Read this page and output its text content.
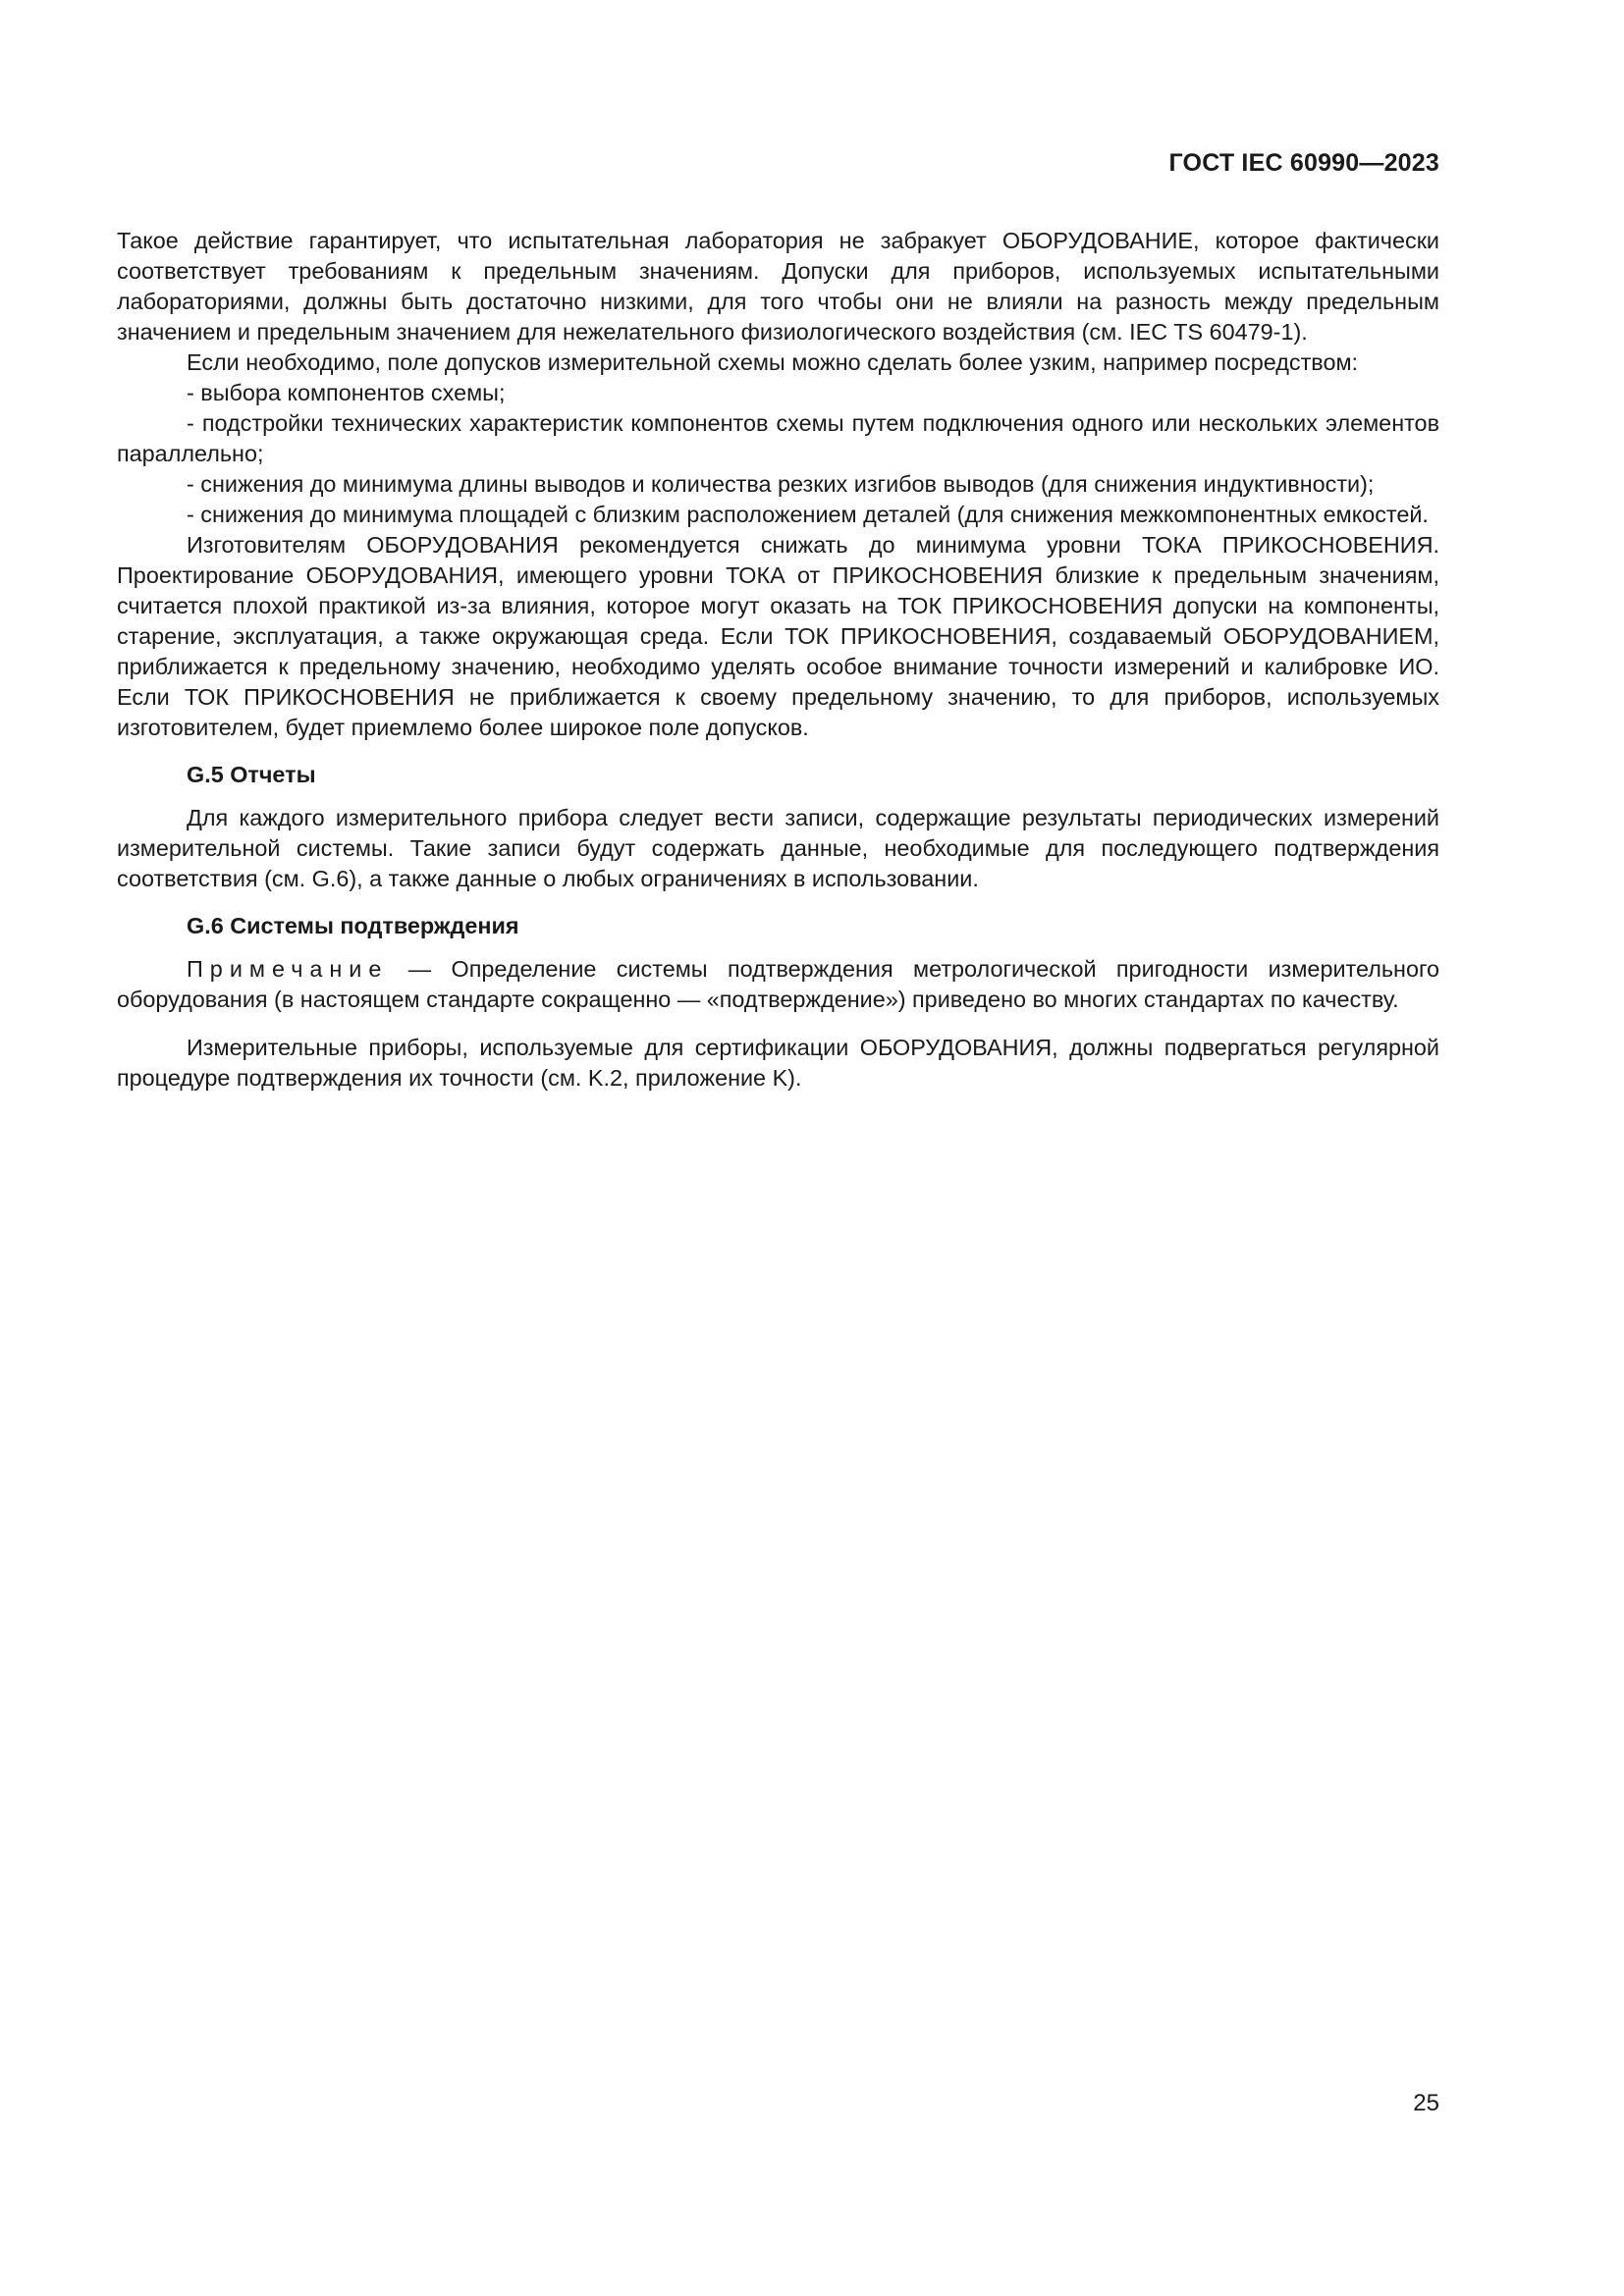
ГОСТ IEC 60990—2023

Такое действие гарантирует, что испытательная лаборатория не забракует ОБОРУДОВАНИЕ, которое фактически соответствует требованиям к предельным значениям. Допуски для приборов, используемых испытательными лабораториями, должны быть достаточно низкими, для того чтобы они не влияли на разность между предельным значением и предельным значением для нежелательного физиологического воздействия (см. IEC TS 60479-1).

Если необходимо, поле допусков измерительной схемы можно сделать более узким, например посредством:

- выбора компонентов схемы;

- подстройки технических характеристик компонентов схемы путем подключения одного или нескольких элементов параллельно;

- снижения до минимума длины выводов и количества резких изгибов выводов (для снижения индуктивности);

- снижения до минимума площадей с близким расположением деталей (для снижения межкомпонентных емкостей.

Изготовителям ОБОРУДОВАНИЯ рекомендуется снижать до минимума уровни ТОКА ПРИКОСНОВЕНИЯ. Проектирование ОБОРУДОВАНИЯ, имеющего уровни ТОКА от ПРИКОСНОВЕНИЯ близкие к предельным значениям, считается плохой практикой из-за влияния, которое могут оказать на ТОК ПРИКОСНОВЕНИЯ допуски на компоненты, старение, эксплуатация, а также окружающая среда. Если ТОК ПРИКОСНОВЕНИЯ, создаваемый ОБОРУДОВАНИЕМ, приближается к предельному значению, необходимо уделять особое внимание точности измерений и калибровке ИО. Если ТОК ПРИКОСНОВЕНИЯ не приближается к своему предельному значению, то для приборов, используемых изготовителем, будет приемлемо более широкое поле допусков.

G.5 Отчеты

Для каждого измерительного прибора следует вести записи, содержащие результаты периодических измерений измерительной системы. Такие записи будут содержать данные, необходимые для последующего подтверждения соответствия (см. G.6), а также данные о любых ограничениях в использовании.

G.6 Системы подтверждения

Примечание — Определение системы подтверждения метрологической пригодности измерительного оборудования (в настоящем стандарте сокращенно — «подтверждение») приведено во многих стандартах по качеству.

Измерительные приборы, используемые для сертификации ОБОРУДОВАНИЯ, должны подвергаться регулярной процедуре подтверждения их точности (см. K.2, приложение K).

25
